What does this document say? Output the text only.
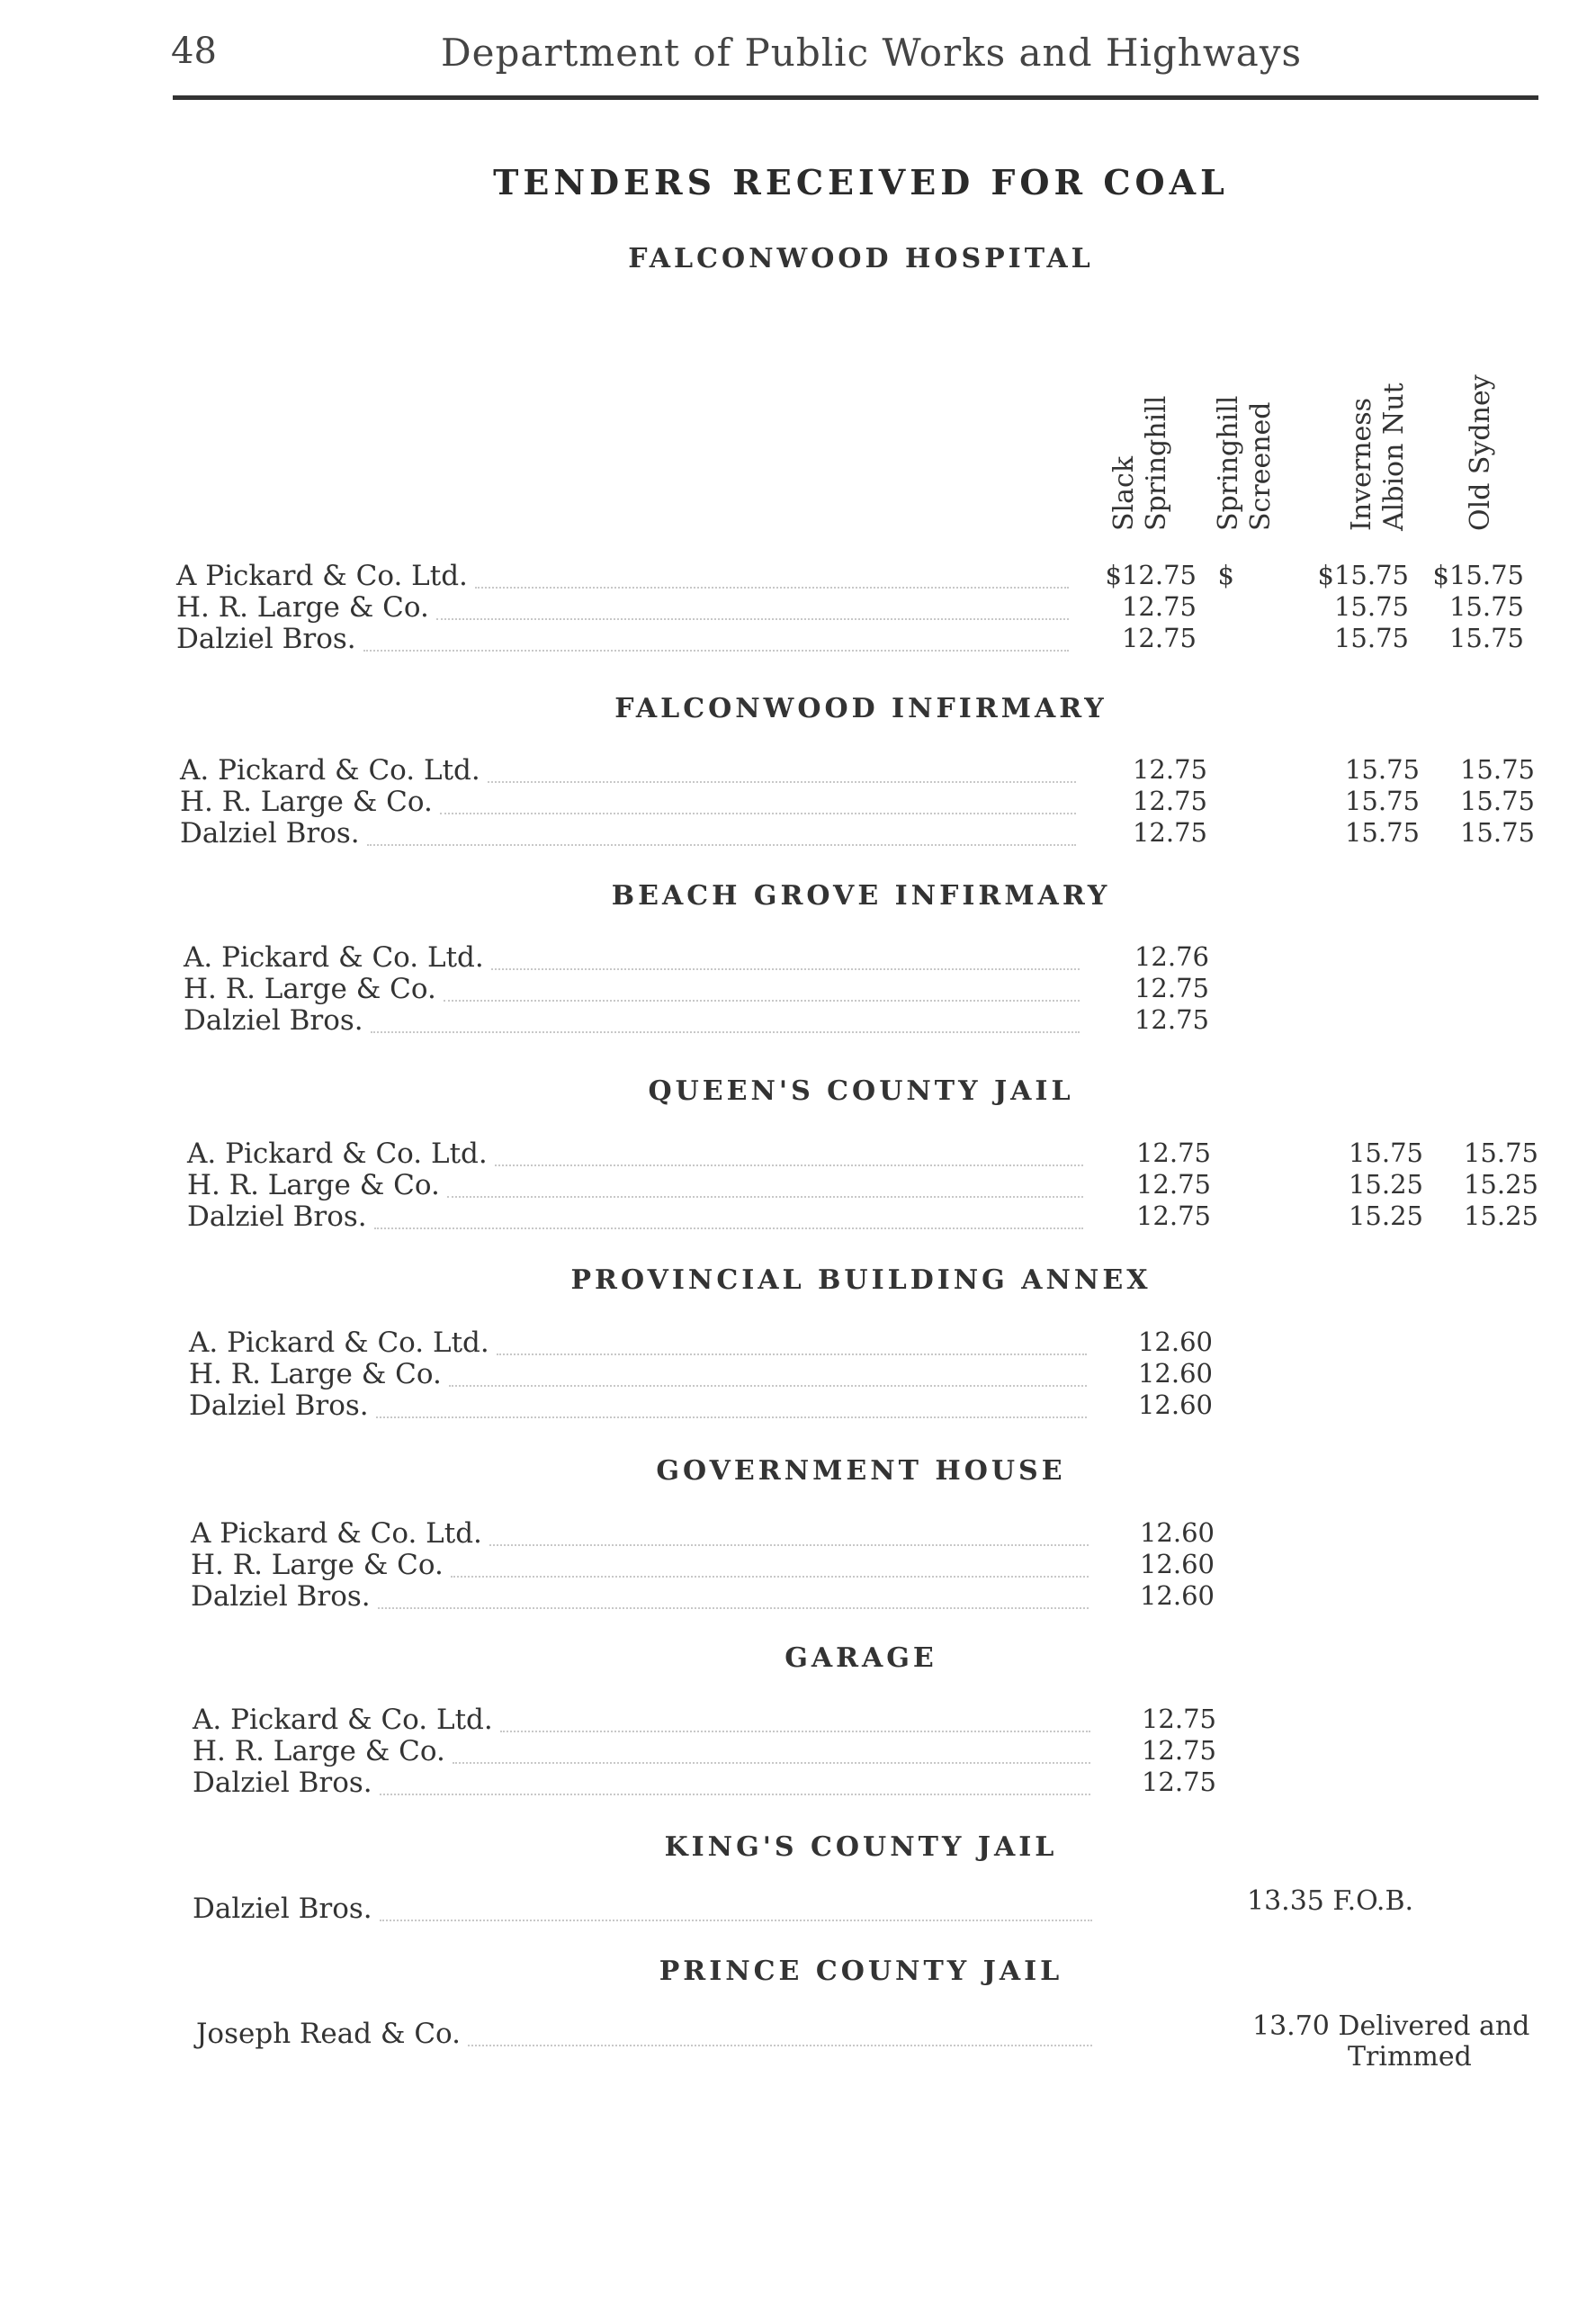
48	Department of Public Works and Highways
TENDERS RECEIVED FOR COAL
Slack Springhill Springhill Screened	Inverness Albion Nut Old Sydney
FALCONWOOD HOSPITAL
A Pickard & Co. Ltd.	$12.75 $	$15.75 $15.75
H. R. Large & Co.	12.75	15.75 15.75
Dalziel Bros.	12.75	15.75 15.75
FALCONWOOD INFIRMARY
A. Pickard & Co. Ltd.	12.75	15.75 15.75
H. R. Large & Co.	12.75	15.75 15.75
Dalziel Bros.	12.75	15.75 15.75
BEACH GROVE INFIRMARY
A. Pickard & Co. Ltd.	12.76
H. R. Large & Co.	12.75
Dalziel Bros.	12.75
QUEEN'S COUNTY JAIL
A. Pickard & Co. Ltd.	12.75	15.75 15.75
H. R. Large & Co.	12.75	15.25 15.25
Dalziel Bros.	12.75	15.25 15.25
PROVINCIAL BUILDING ANNEX
A. Pickard & Co. Ltd.	12.60
H. R. Large & Co.	12.60
Dalziel Bros.	12.60
GOVERNMENT HOUSE
A Pickard & Co. Ltd.	12.60
H. R. Large & Co.	12.60
Dalziel Bros.	12.60
GARAGE
A. Pickard & Co. Ltd.	12.75
H. R. Large & Co.	12.75
Dalziel Bros.	12.75
KING'S COUNTY JAIL
Dalziel Bros.	13.35 F.O.B.
PRINCE COUNTY JAIL
Joseph Read & Co.	13.70 Delivered and
Trimmed
